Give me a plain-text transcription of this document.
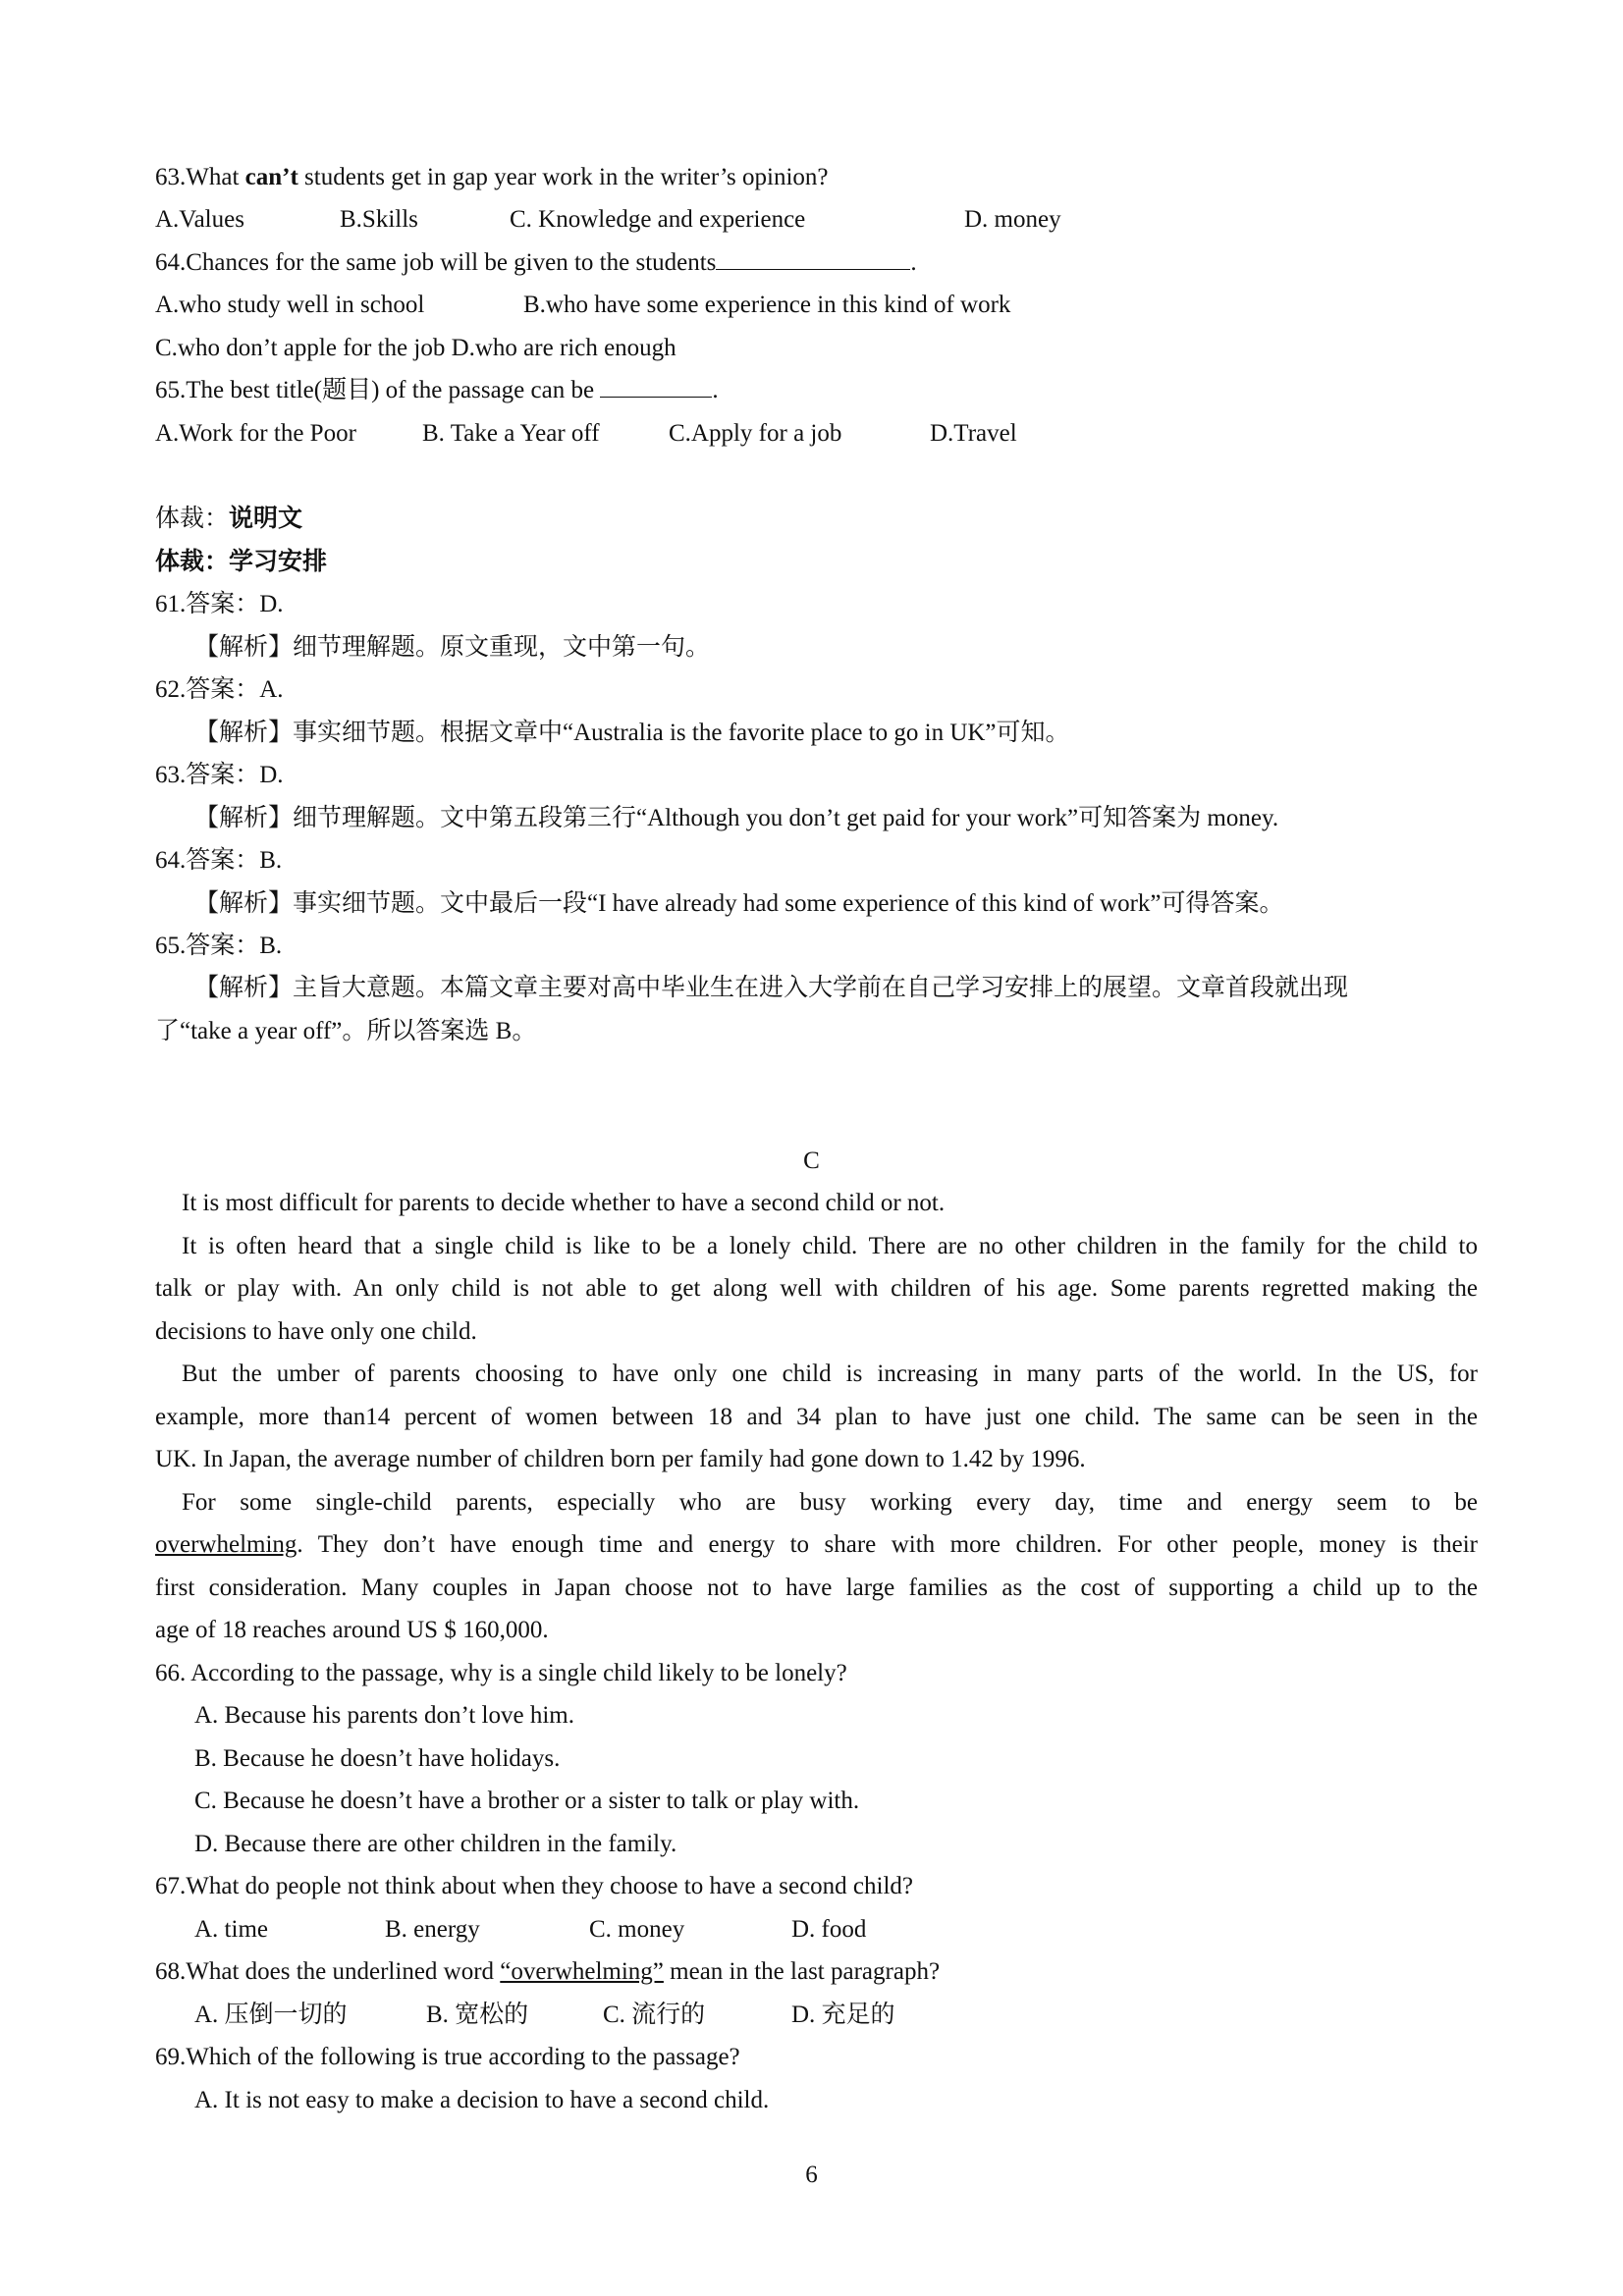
63.What can’t students get in gap year work in the writer’s opinion?
A.Values	B.Skills	C. Knowledge and experience	D. money
64.Chances for the same job will be given to the students	.
A.who study well in school	B.who have some experience in this kind of work
C.who don’t apple for the job D.who are rich enough
65.The best title(题目) of the passage can be	.
A.Work for the Poor	B. Take a Year off	C.Apply for a job	D.Travel
体裁：说明文
体裁：学习安排
61.答案：D.
【解析】细节理解题。原文重现，文中第一句。
62.答案：A.
【解析】事实细节题。根据文章中“Australia is the favorite place to go in UK”可知。
63.答案：D.
【解析】细节理解题。文中第五段第三行“Although you don’t get paid for your work”可知答案为 money.
64.答案：B.
【解析】事实细节题。文中最后一段“I have already had some experience of this kind of work”可得答案。
65.答案：B.
【解析】主旨大意题。本篇文章主要对高中毕业生在进入大学前在自己学习安排上的展望。文章首段就出现
了“take a year off”。所以答案选 B。
C
It is most difficult for parents to decide whether to have a second child or not.
It is often heard that a single child is like to be a lonely child. There are no other children in the family for the child to
talk or play with. An only child is not able to get along well with children of his age. Some parents regretted making the
decisions to have only one child.
But the umber of parents choosing to have only one child is increasing in many parts of the world. In the US, for
example, more than14 percent of women between 18 and 34 plan to have just one child. The same can be seen in the
UK. In Japan, the average number of children born per family had gone down to 1.42 by 1996.
For some single-child parents, especially who are busy working every day, time and energy seem to be
overwhelming. They don’t have enough time and energy to share with more children. For other people, money is their
first consideration. Many couples in Japan choose not to have large families as the cost of supporting a child up to the
age of 18 reaches around US $ 160,000.
66. According to the passage, why is a single child likely to be lonely?
A. Because his parents don’t love him.
B. Because he doesn’t have holidays.
C. Because he doesn’t have a brother or a sister to talk or play with.
D. Because there are other children in the family.
67.What do people not think about when they choose to have a second child?
A. time	B. energy	C. money	D. food
68.What does the underlined word “overwhelming” mean in the last paragraph?
A. 压倒一切的	B. 宽松的	C. 流行的	D. 充足的
69.Which of the following is true according to the passage?
A. It is not easy to make a decision to have a second child.
6
